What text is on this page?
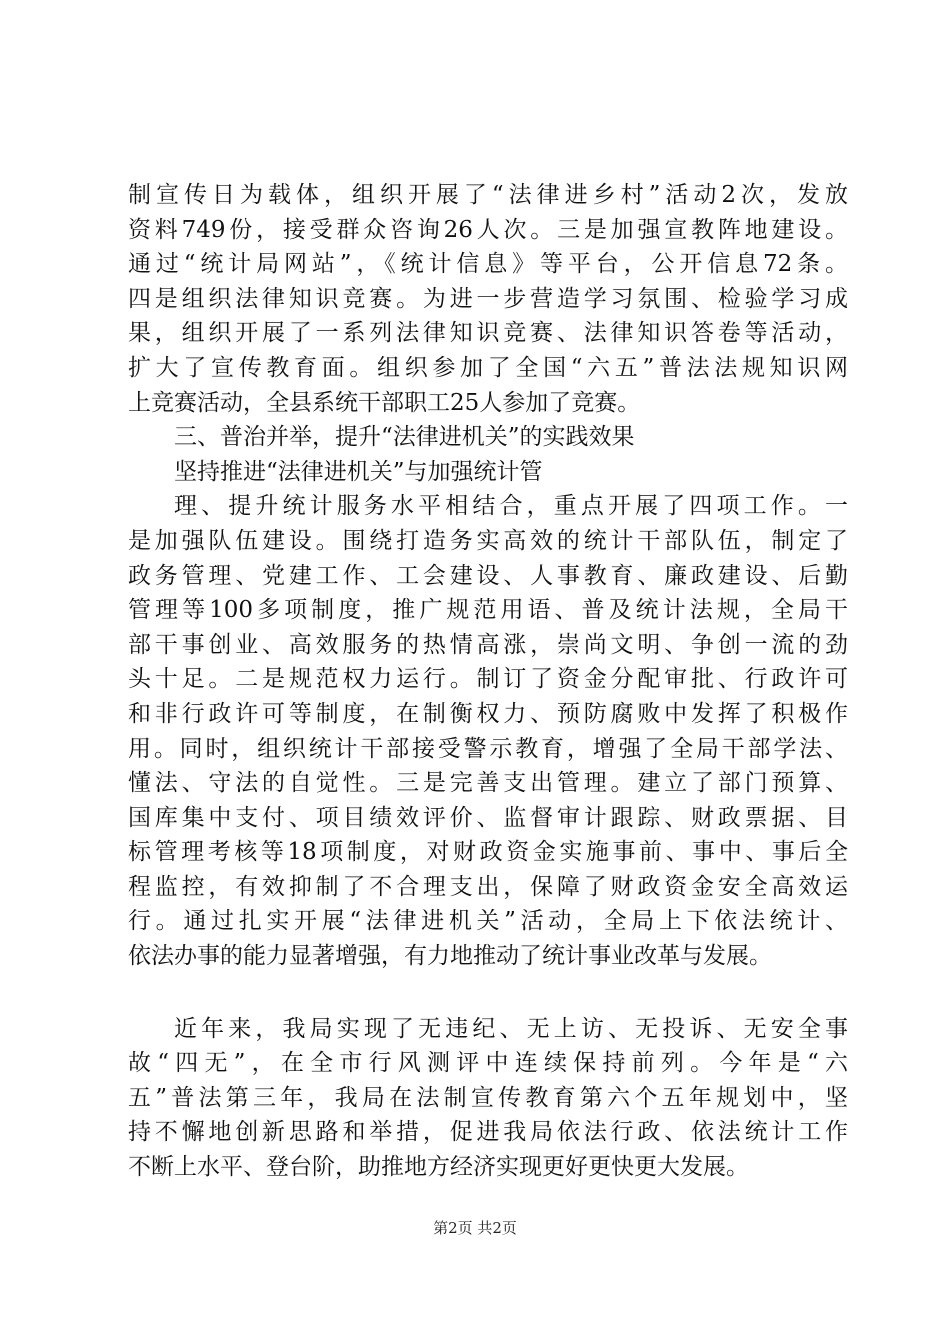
制宣传日为载体，组织开展了“法律进乡村”活动2次，发放
资料749份，接受群众咨询26人次。三是加强宣教阵地建设。
通过“统计局网站”，《统计信息》等平台，公开信息72条。
四是组织法律知识竞赛。为进一步营造学习氛围、检验学习成
果，组织开展了一系列法律知识竞赛、法律知识答卷等活动，
扩大了宣传教育面。组织参加了全国“六五”普法法规知识网
上竞赛活动，全县系统干部职工25人参加了竞赛。
三、普治并举，提升“法律进机关”的实践效果
坚持推进“法律进机关”与加强统计管
理、提升统计服务水平相结合，重点开展了四项工作。一
是加强队伍建设。围绕打造务实高效的统计干部队伍，制定了
政务管理、党建工作、工会建设、人事教育、廉政建设、后勤
管理等100多项制度，推广规范用语、普及统计法规，全局干
部干事创业、高效服务的热情高涨，崇尚文明、争创一流的劲
头十足。二是规范权力运行。制订了资金分配审批、行政许可
和非行政许可等制度，在制衡权力、预防腐败中发挥了积极作
用。同时，组织统计干部接受警示教育，增强了全局干部学法、
懂法、守法的自觉性。三是完善支出管理。建立了部门预算、
国库集中支付、项目绩效评价、监督审计跟踪、财政票据、目
标管理考核等18项制度，对财政资金实施事前、事中、事后全
程监控，有效抑制了不合理支出，保障了财政资金安全高效运
行。通过扎实开展“法律进机关”活动，全局上下依法统计、
依法办事的能力显著增强，有力地推动了统计事业改革与发展。
近年来，我局实现了无违纪、无上访、无投诉、无安全事
故“四无”，在全市行风测评中连续保持前列。今年是“六
五”普法第三年，我局在法制宣传教育第六个五年规划中，坚
持不懈地创新思路和举措，促进我局依法行政、依法统计工作
不断上水平、登台阶，助推地方经济实现更好更快更大发展。
第2页 共2页
